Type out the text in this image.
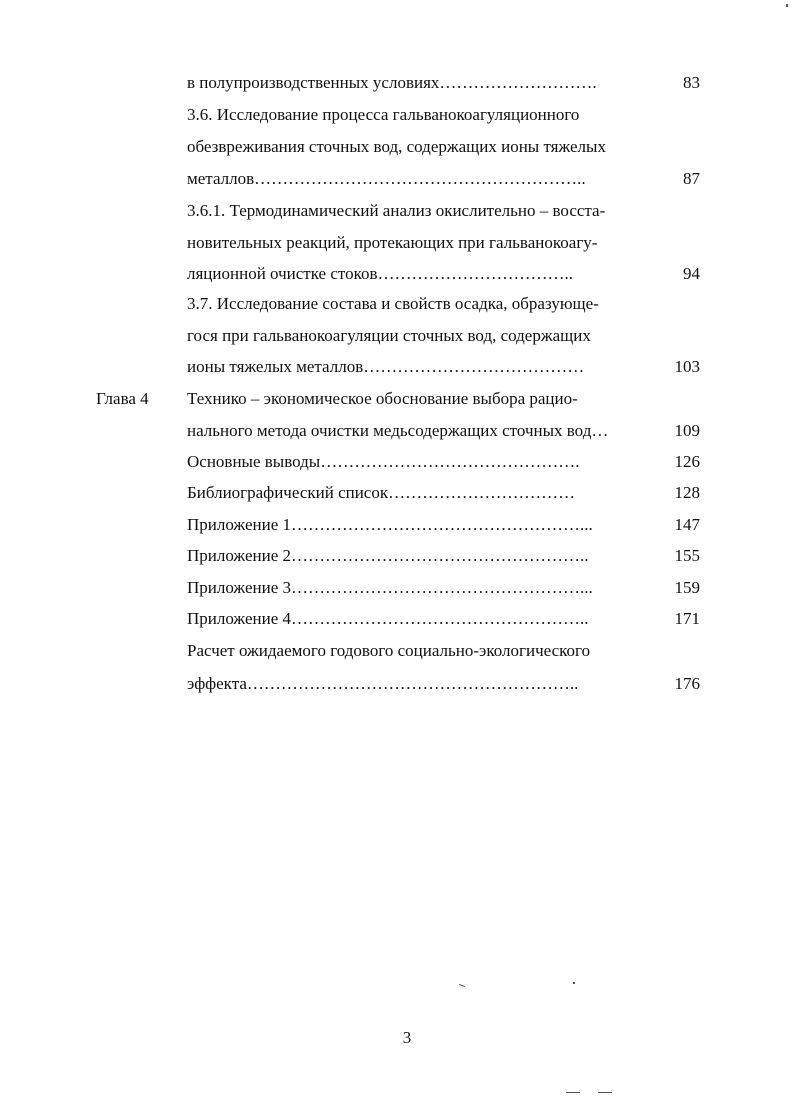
в полупроизводственных условиях……………………….	83
3.6. Исследование процесса гальванокоагуляционного
обезвреживания сточных вод, содержащих ионы тяжелых
металлов…………………………………………………..	87
3.6.1. Термодинамический анализ окислительно – восста-
новительных реакций, протекающих при гальванокоагу-
ляционной очистке стоков……………………………..	94
3.7. Исследование состава и свойств осадка, образующе-
гося при гальванокоагуляции сточных вод, содержащих
ионы тяжелых металлов…………………………………	103
Глава 4 Технико – экономическое обоснование выбора рацио-
нального метода очистки медьсодержащих сточных вод…	109
Основные выводы……………………………………….	126
Библиографический список……………………………	128
Приложение 1……………………………………………...	147
Приложение 2……………………………………………..	155
Приложение 3……………………………………………...	159
Приложение 4……………………………………………..	171
Расчет ожидаемого годового социально-экологического
эффекта…………………………………………………..	176
3
